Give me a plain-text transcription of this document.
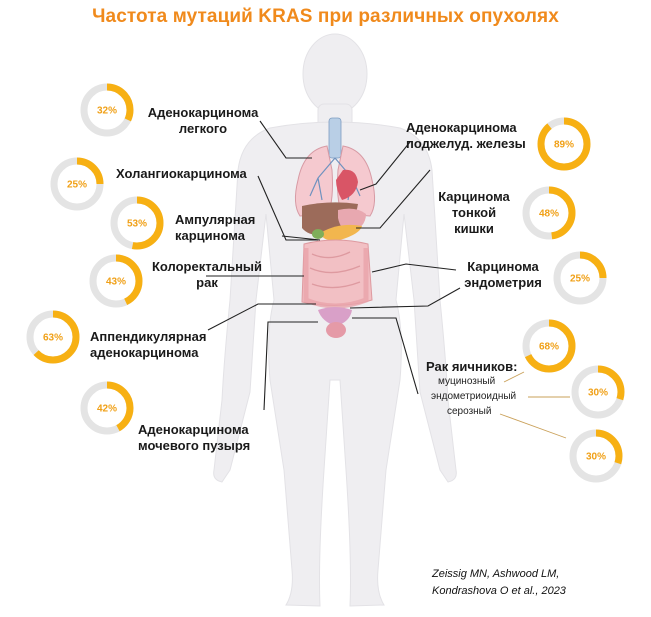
Частота мутаций KRAS при различных опухолях
32%
25%
53%
43%
63%
42%
89%
48%
25%
68%
30%
30%
Аденокарцинома
легкого
Холангиокарцинома
Ампулярная
карцинома
Колоректальный
рак
Аппендикулярная
аденокарцинома
Аденокарцинома
мочевого пузыря
Аденокарцинома
поджелуд. железы
Карцинома
тонкой
кишки
Карцинома
эндометрия
Рак яичников:
муцинозный
эндометриоидный
серозный
Zeissig MN, Ashwood LM,
Kondrashova O et al., 2023
